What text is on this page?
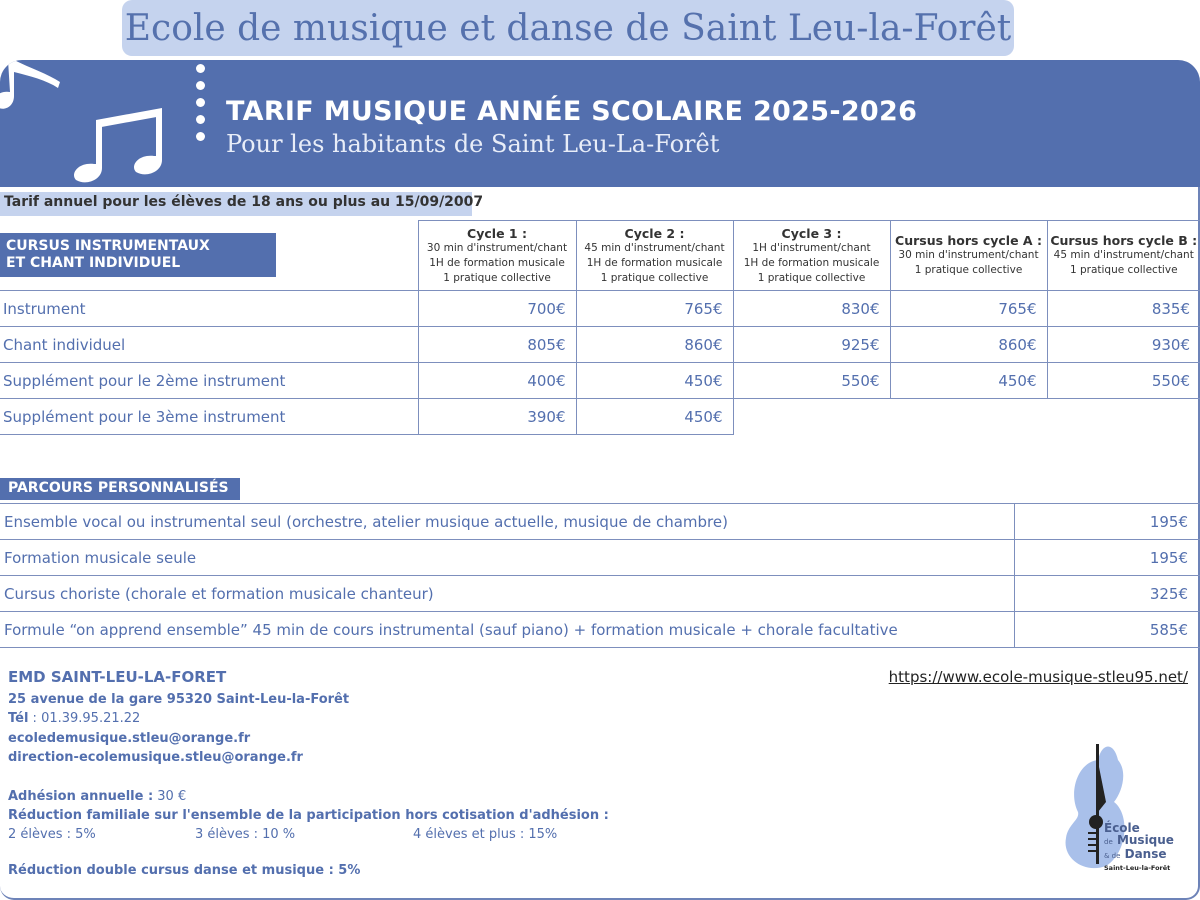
Ecole de musique et danse de Saint Leu-la-Forêt
TARIF MUSIQUE ANNÉE SCOLAIRE 2025-2026
Pour les habitants de Saint Leu-La-Forêt
Tarif annuel pour les élèves de 18 ans ou plus au 15/09/2007

	Cycle 1 :
30 min d'instrument/chant
1H de formation musicale
1 pratique collective	Cycle 2 :
45 min d'instrument/chant
1H de formation musicale
1 pratique collective	Cycle 3 :
1H d'instrument/chant
1H de formation musicale
1 pratique collective	Cursus hors cycle A :
30 min d'instrument/chant
1 pratique collective	Cursus hors cycle B :
45 min d'instrument/chant
1 pratique collective
Instrument	700€	765€	830€	765€	835€
Chant individuel	805€	860€	925€	860€	930€
Supplément pour le 2ème instrument	400€	450€	550€	450€	550€
Supplément pour le 3ème instrument	390€	450€			
CURSUS INSTRUMENTAUX
ET CHANT INDIVIDUEL
PARCOURS PERSONNALISÉS
Ensemble vocal ou instrumental seul (orchestre, atelier musique actuelle, musique de chambre)	195€
Formation musicale seule	195€
Cursus choriste (chorale et formation musicale chanteur)	325€
Formule “on apprend ensemble” 45 min de cours instrumental (sauf piano) + formation musicale + chorale facultative	585€
EMD SAINT-LEU-LA-FORET
25 avenue de la gare 95320 Saint-Leu-la-Forêt
Tél : 01.39.95.21.22
ecoledemusique.stleu@orange.fr
direction-ecolemusique.stleu@orange.fr
https://www.ecole-musique-stleu95.net/
Adhésion annuelle : 30 €
Réduction familiale sur l'ensemble de la participation hors cotisation d'adhésion :
2 élèves : 5%	3 élèves : 10 %	4 élèves et plus : 15%
Réduction double cursus danse et musique : 5%
École
de Musique
& de Danse
Saint-Leu-la-Forêt
